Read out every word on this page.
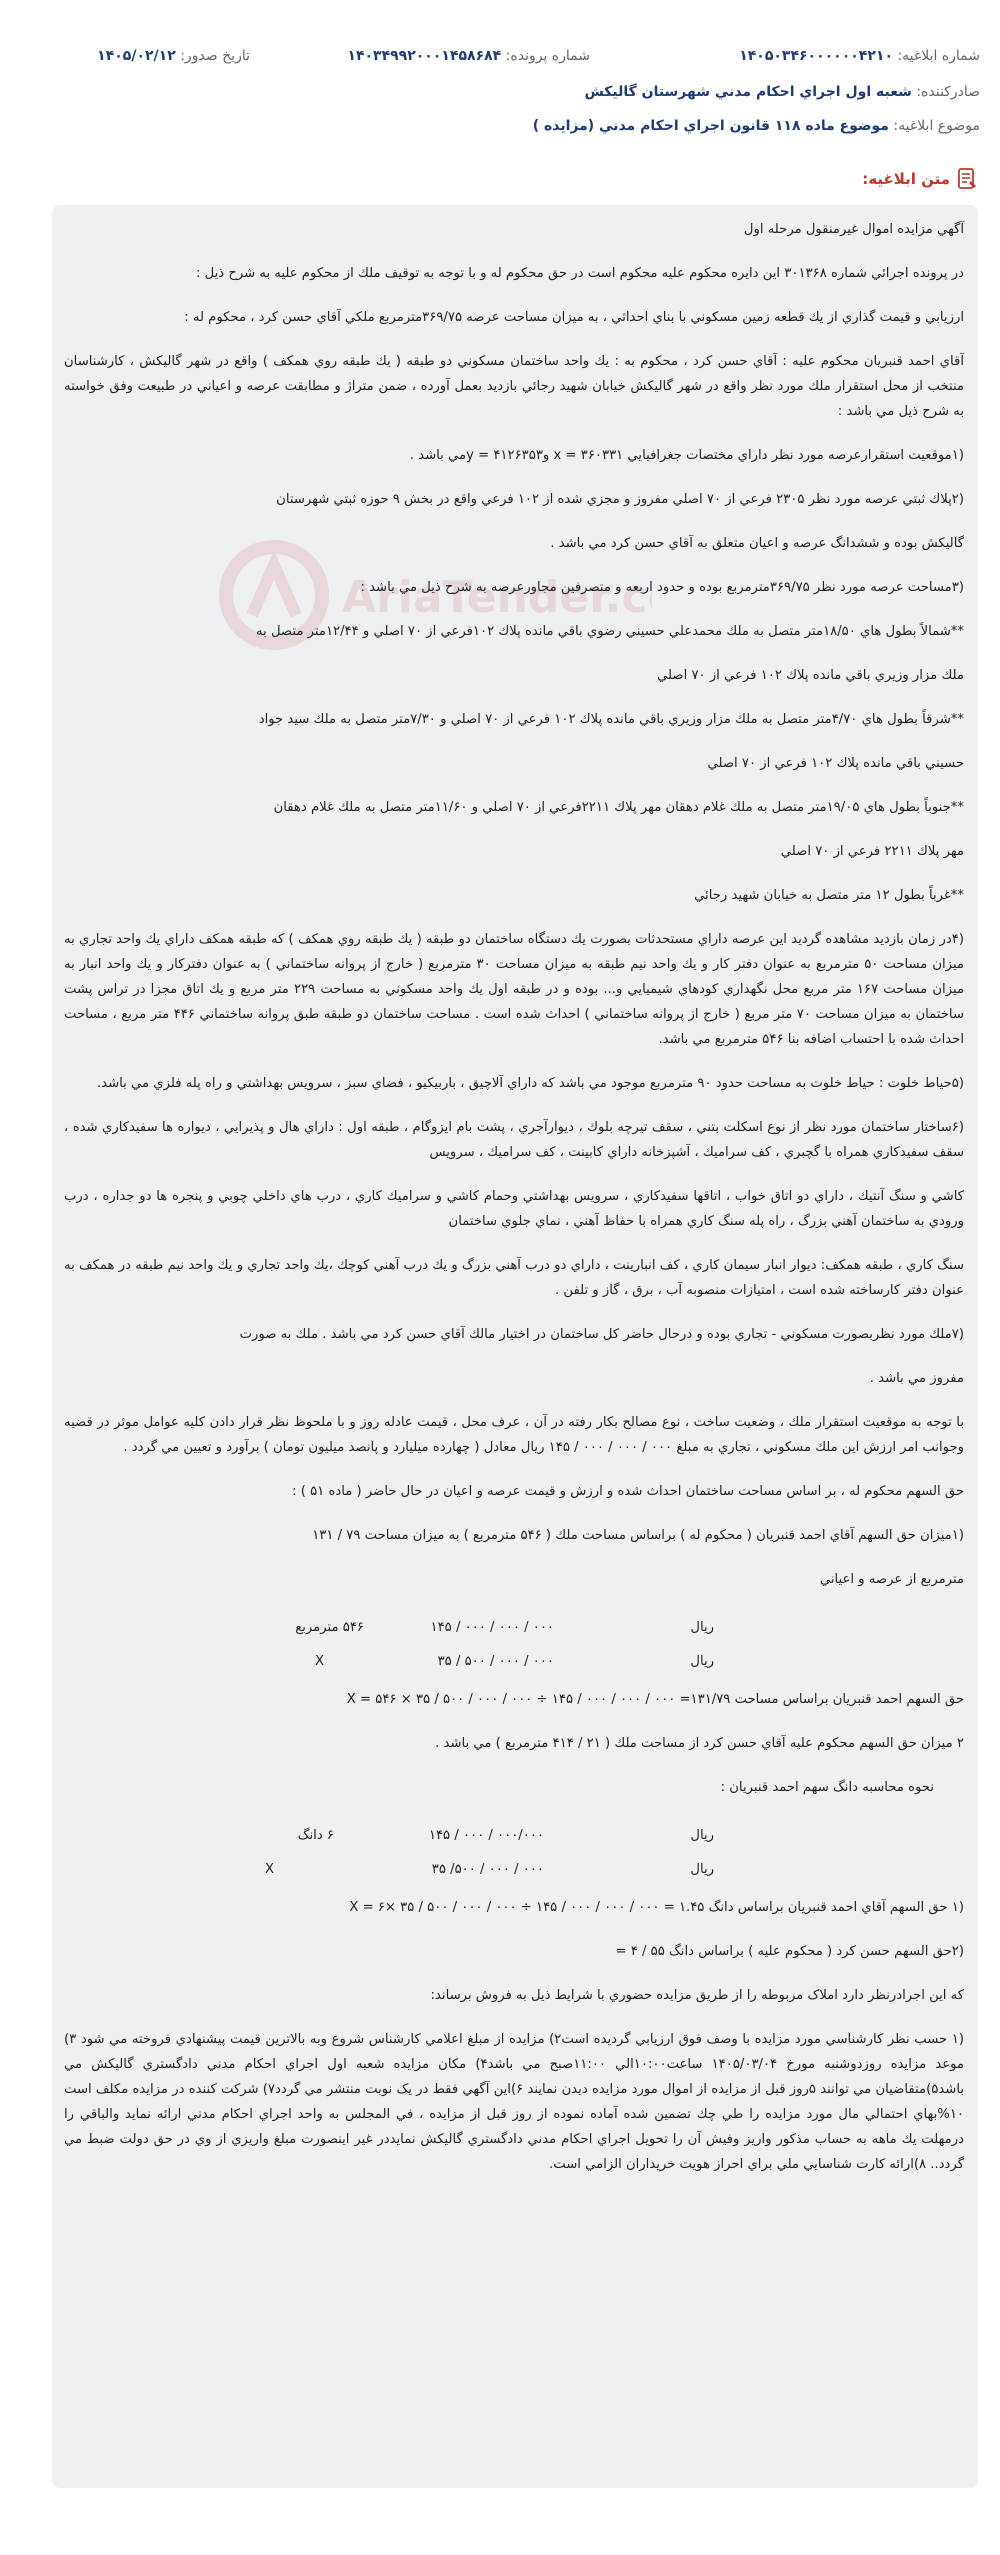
شماره ابلاغیه: ۱۴۰۵۰۳۴۶۰۰۰۰۰۰۴۲۱۰
شماره پرونده: ۱۴۰۳۴۹۹۲۰۰۰۱۴۵۸۶۸۴
تاریخ صدور: ۱۴۰۵/۰۲/۱۲
صادرکننده: شعبه اول اجراي احكام مدني شهرستان گاليكش
موضوع ابلاغیه: موضوع ماده ۱۱۸ قانون اجراي احكام مدني (مزايده )
متن ابلاغیه:
AriaTender.c

آگهي مزايده اموال غيرمنقول مرحله اول

در پرونده اجرائي شماره ۳۰۱۳۶۸ اين دايره محكوم عليه محكوم است در حق محكوم له و با توجه به توقيف ملك از محكوم عليه به شرح ذيل :

ارزيابي و قيمت گذاري از يك قطعه زمين مسكوني با بناي احداثي ، به ميزان مساحت عرصه ۳۶۹/۷۵مترمربع ملكي آقاي حسن كرد ، محكوم له :

آقاي احمد قنبريان محكوم عليه : آقاي حسن كرد ، محكوم به : يك واحد ساختمان مسكوني دو طبقه ( يك طبقه روي همكف ) واقع در شهر گاليكش ، كارشناسان منتخب از محل استقرار ملك مورد نظر واقع در شهر گاليكش خيابان شهيد رجائي بازديد بعمل آورده ، ضمن متراژ و مطابقت عرصه و اعياني در طبيعت وفق خواسته به شرح ذيل مي باشد :

(۱موقعيت استقرارعرصه مورد نظر داراي مختصات جغرافيايي ۳۶۰۳۳۱ = x و۴۱۲۶۳۵۳ = yمي باشد .

(۲پلاك ثبتي عرصه مورد نظر ۲۳۰۵ فرعي از ۷۰ اصلي مفروز و مجزي شده از ۱۰۲ فرعي واقع در بخش ۹ حوزه ثبتي شهرستان

گاليكش بوده و ششدانگ عرصه و اعيان متعلق به آقاي حسن كرد مي باشد .

(۳مساحت عرصه مورد نظر ۳۶۹/۷۵مترمربع بوده و حدود اربعه و متصرفين مجاورعرصه به شرح ذيل مي باشد :

**شمالاً بطول هاي ۱۸/۵۰متر متصل به ملك محمدعلي حسيني رضوي باقي مانده پلاك ۱۰۲فرعي از ۷۰ اصلي و ۱۲/۴۴متر متصل به

ملك مزار وزيري باقي مانده پلاك ۱۰۲ فرعي از ۷۰ اصلي

**شرقاً بطول هاي ۴/۷۰متر متصل به ملك مزار وزيري باقي مانده پلاك ۱۰۲ فرعي از ۷۰ اصلي و ۷/۳۰متر متصل به ملك سيد جواد

حسيني باقي مانده پلاك ۱۰۲ فرعي از ۷۰ اصلي

**جنوباً بطول هاي ۱۹/۰۵متر متصل به ملك غلام دهقان مهر پلاك ۲۲۱۱فرعي از ۷۰ اصلي و ۱۱/۶۰متر متصل به ملك غلام دهقان

مهر پلاك ۲۲۱۱ فرعي از ۷۰ اصلي

**غرباً بطول ۱۲ متر متصل به خيابان شهيد رجائي

(۴در زمان بازديد مشاهده گرديد اين عرصه داراي مستحدثات بصورت يك دستگاه ساختمان دو طبقه ( يك طبقه روي همكف ) كه طبقه همكف داراي يك واحد تجاري به ميزان مساحت ۵۰ مترمربع به عنوان دفتر كار و يك واحد نيم طبقه به ميزان مساحت ۳۰ مترمربع ( خارج از پروانه ساختماني ) به عنوان دفتركار و يك واحد انبار به ميزان مساحت ۱۶۷ متر مربع محل نگهداري كودهاي شيميايي و... بوده و در طبقه اول يك واحد مسكوني به مساحت ۲۲۹ متر مربع و يك اتاق مجزا در تراس پشت ساختمان به ميزان مساحت ۷۰ متر مربع ( خارج از پروانه ساختماني ) احداث شده است . مساحت ساختمان دو طبقه طبق پروانه ساختماني ۴۴۶ متر مربع ، مساحت احداث شده با احتساب اضافه بنا ۵۴۶ مترمربع مي باشد.

(۵حياط خلوت : حياط خلوت به مساحت حدود ۹۰ مترمربع موجود مي باشد كه داراي آلاچيق ، باربيكيو ، فضاي سبز ، سرويس بهداشتي و راه پله فلزي مي باشد.

(۶ساختار ساختمان مورد نظر از نوع اسكلت بتني ، سقف تيرچه بلوك ، ديوارآجري ، پشت بام ايزوگام ، طبقه اول : داراي هال و پذيرايي ، ديواره ها سفيدكاري شده ، سقف سفيدكاري همراه با گچبري ، كف سراميك ، آشپزخانه داراي كابينت ، كف سراميك ، سرويس

كاشي و سنگ آنتيك ، داراي دو اتاق خواب ، اتاقها سفيدكاري ، سرويس بهداشتي وحمام كاشي و سراميك كاري ، درب هاي داخلي چوبي و پنجره ها دو جداره ، درب ورودي به ساختمان آهني بزرگ ، راه پله سنگ كاري همراه با حفاظ آهني ، نماي جلوي ساختمان

سنگ كاري ، طبقه همكف: ديوار انبار سيمان كاري ، كف انبارينت ، داراي دو درب آهني بزرگ و يك درب آهني كوچك ،يك واحد تجاري و يك واحد نيم طبقه در همكف به عنوان دفتر كارساخته شده است ، امتيازات منصوبه آب ، برق ، گاز و تلفن .

(۷ملك مورد نظربصورت مسكوني - تجاري بوده و درحال حاضر كل ساختمان در اختيار مالك آقاي حسن كرد مي باشد . ملك به صورت

مفروز مي باشد .

با توجه به موقعيت استقرار ملك ، وضعيت ساخت ، نوع مصالح بكار رفته در آن ، عرف محل ، قيمت عادله روز و با ملحوظ نظر قرار دادن كليه عوامل موثر در قضيه وجوانب امر ارزش اين ملك مسكوني ، تجاري به مبلغ ۰۰۰ / ۰۰۰ / ۰۰۰ / ۱۴۵ ريال معادل ( چهارده ميليارد و پانصد ميليون تومان ) برآورد و تعيين مي گردد .

حق السهم محكوم له ، بر اساس مساحت ساختمان احداث شده و ارزش و قيمت عرصه و اعيان در حال حاضر ( ماده ۵۱ ) :

(۱ميزان حق السهم آقاي احمد قنبريان ( محكوم له ) براساس مساحت ملك ( ۵۴۶ مترمربع ) به ميزان مساحت ۷۹ / ۱۳۱

مترمربع از عرصه و اعياني

ريال
۰۰۰ / ۰۰۰ / ۰۰۰ / ۱۴۵
۵۴۶ مترمربع
ريال
۰۰۰ / ۰۰۰ / ۵۰۰ / ۳۵
X

حق السهم احمد قنبريان براساس مساحت ۱۳۱/۷۹= ۰۰۰ / ۰۰۰ / ۰۰۰ / ۱۴۵ ÷ ۰۰۰ / ۰۰۰ / ۵۰۰ / ۳۵ × ۵۴۶ = X

۲ ميزان حق السهم محكوم عليه آقاي حسن كرد از مساحت ملك ( ۲۱ / ۴۱۴ مترمربع ) مي باشد .

نحوه محاسبه دانگ سهم احمد قنبريان :

ريال
۰۰۰/۰۰۰ / ۰۰۰ / ۱۴۵
۶ دانگ
ريال
۰۰۰ / ۰۰۰ / ۵۰۰/ ۳۵
X

(۱ حق السهم آقاي احمد قنبريان براساس دانگ ۱.۴۵ = ۰۰۰ / ۰۰۰ / ۰۰۰ / ۱۴۵ ÷ ۰۰۰ / ۰۰۰ / ۵۰۰ / ۳۵ ×۶ = X

(۲حق السهم حسن كرد ( محكوم عليه ) براساس دانگ ۵۵ / ۴ =

كه اين اجرادرنظر دارد املاک مربوطه را از طريق مزايده حضوري با شرايط ذيل به فروش برساند:

(۱ حسب نظر كارشناسي مورد مزايده با وصف فوق ارزيابي گرديده است۲) مزايده از مبلغ اعلامي كارشناس شروع وبه بالاترين قيمت پيشنهادي فروخته مي شود ۳) موعد مزايده روزدوشنبه مورخ ۱۴۰۵/۰۳/۰۴ ساعت۱۰:۰۰الي ۱۱:۰۰صبح مي باشد۴) مكان مزايده شعبه اول اجراي احكام مدني دادگستري گاليكش مي باشد۵)متقاضيان مي توانند ۵روز قبل از مزايده از اموال مورد مزايده ديدن نمايند ۶)اين آگهي فقط در يک نوبت منتشر مي گردد۷) شركت كننده در مزايده مكلف است ۱۰%بهاي احتمالي مال مورد مزايده را طي چك تضمين شده آماده نموده از روز قبل از مزايده ، في المجلس به واحد اجراي احكام مدني ارائه نمايد والباقي را درمهلت يك ماهه به حساب مذكور واريز وفيش آن را تحويل اجراي احكام مدني دادگستري گاليكش نمايددر غير اينصورت مبلغ واريزي از وي در حق دولت ضبط مي گردد.. ۸)ارائه كارت شناسايي ملي براي احراز هويت خريداران الزامي است.
